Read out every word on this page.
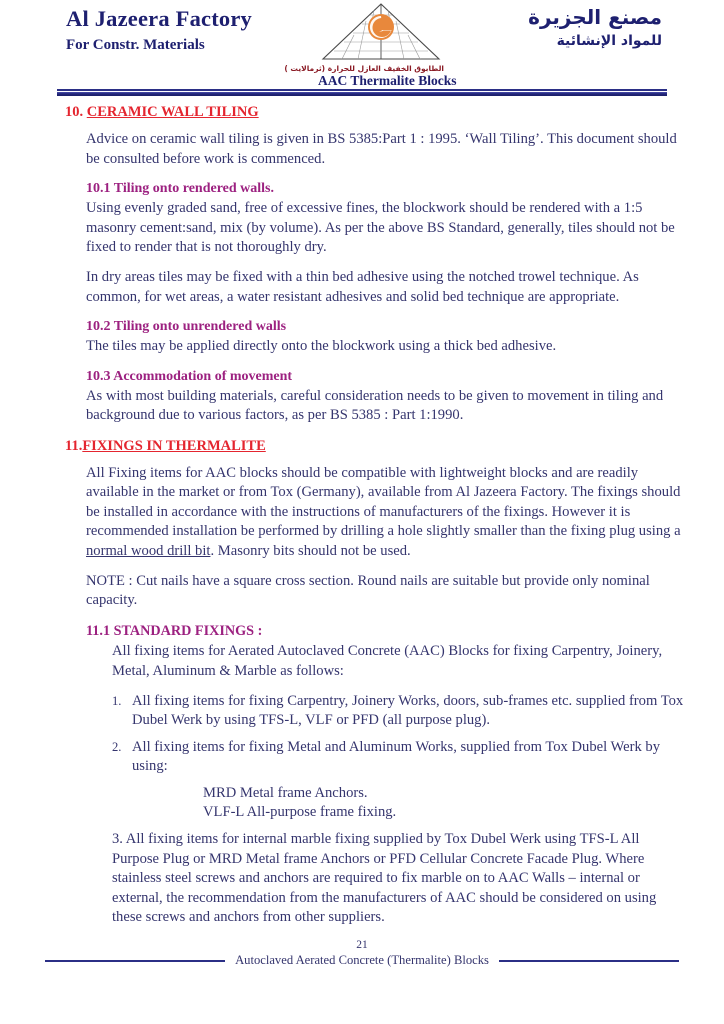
Al Jazeera Factory
For Constr. Materials
الطابوق الخفيف العازل للحرارة (ثرمالايت )
AAC Thermalite Blocks
مصنع الجزيرة
للمواد الإنشائية
10. CERAMIC WALL TILING

Advice on ceramic wall tiling is given in BS 5385:Part 1 : 1995. ‘Wall Tiling’. This document should be consulted before work is commenced.

10.1 Tiling onto rendered walls.

Using evenly graded sand, free of excessive fines, the blockwork should be rendered with a 1:5 masonry cement:sand, mix (by volume). As per the above BS Standard, generally, tiles should not be fixed to render that is not thoroughly dry.

In dry areas tiles may be fixed with a thin bed adhesive using the notched trowel technique. As common, for wet areas, a water resistant adhesives and solid bed technique are appropriate.

10.2 Tiling onto unrendered walls

The tiles may be applied directly onto the blockwork using a thick bed adhesive.

10.3 Accommodation of movement

As with most building materials, careful consideration needs to be given to movement in tiling and background due to various factors, as per BS 5385 : Part 1:1990.

11.FIXINGS IN THERMALITE

All Fixing items for AAC blocks should be compatible with lightweight blocks and are readily available in the market or from Tox (Germany), available from Al Jazeera Factory. The fixings should be installed in accordance with the instructions of manufacturers of the fixings. However it is recommended installation be performed by drilling a hole slightly smaller than the fixing plug using a normal wood drill bit. Masonry bits should not be used.

NOTE : Cut nails have a square cross section. Round nails are suitable but provide only nominal capacity.

11.1 STANDARD FIXINGS :

All fixing items for Aerated Autoclaved Concrete (AAC) Blocks for fixing Carpentry, Joinery, Metal, Aluminum & Marble as follows:

1. All fixing items for fixing Carpentry, Joinery Works, doors, sub-frames etc. supplied from Tox Dubel Werk by using TFS-L, VLF or PFD (all purpose plug).
2. All fixing items for fixing Metal and Aluminum Works, supplied from Tox Dubel Werk by using:
MRD Metal frame Anchors.
VLF-L All-purpose frame fixing.

3. All fixing items for internal marble fixing supplied by Tox Dubel Werk using TFS-L All Purpose Plug or MRD Metal frame Anchors or PFD Cellular Concrete Facade Plug. Where stainless steel screws and anchors are required to fix marble on to AAC Walls – internal or external, the recommendation from the manufacturers of AAC should be considered on using these screws and anchors from other suppliers.

21
Autoclaved Aerated Concrete (Thermalite) Blocks
